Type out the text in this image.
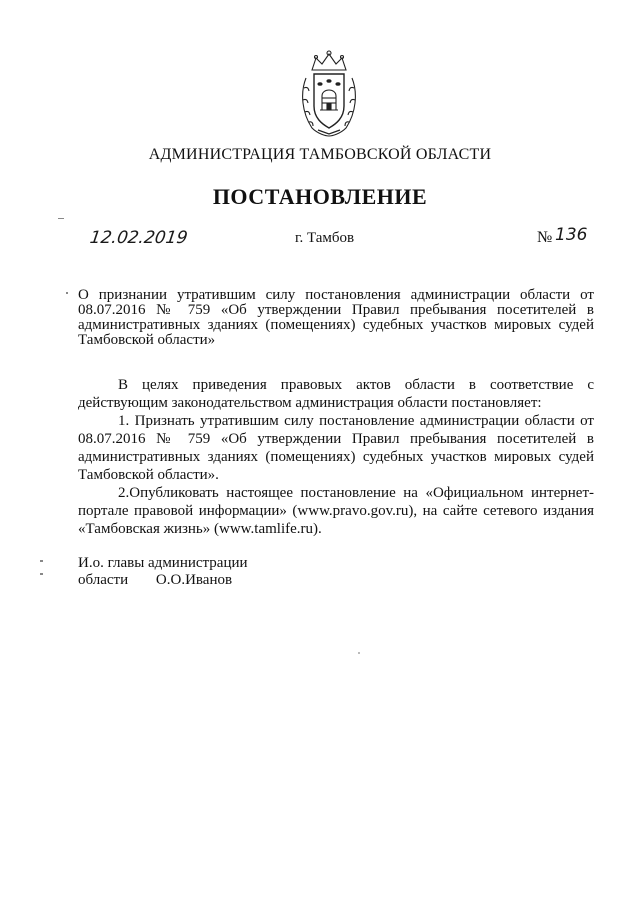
АДМИНИСТРАЦИЯ ТАМБОВСКОЙ ОБЛАСТИ
ПОСТАНОВЛЕНИЕ
12.02.2019	г. Тамбов	№ 136
О признании утратившим силу постановления администрации области от 08.07.2016 № 759 «Об утверждении Правил пребывания посетителей в административных зданиях (помещениях) судебных участков мировых судей Тамбовской области»

В целях приведения правовых актов области в соответствие с действующим законодательством администрация области постановляет:

1. Признать утратившим силу постановление администрации области от 08.07.2016 № 759 «Об утверждении Правил пребывания посетителей в административных зданиях (помещениях) судебных участков мировых судей Тамбовской области».

2.Опубликовать настоящее постановление на «Официальном интернет-портале правовой информации» (www.pravo.gov.ru), на сайте сетевого издания «Тамбовская жизнь» (www.tamlife.ru).

И.о. главы администрации
области О.О.Иванов
